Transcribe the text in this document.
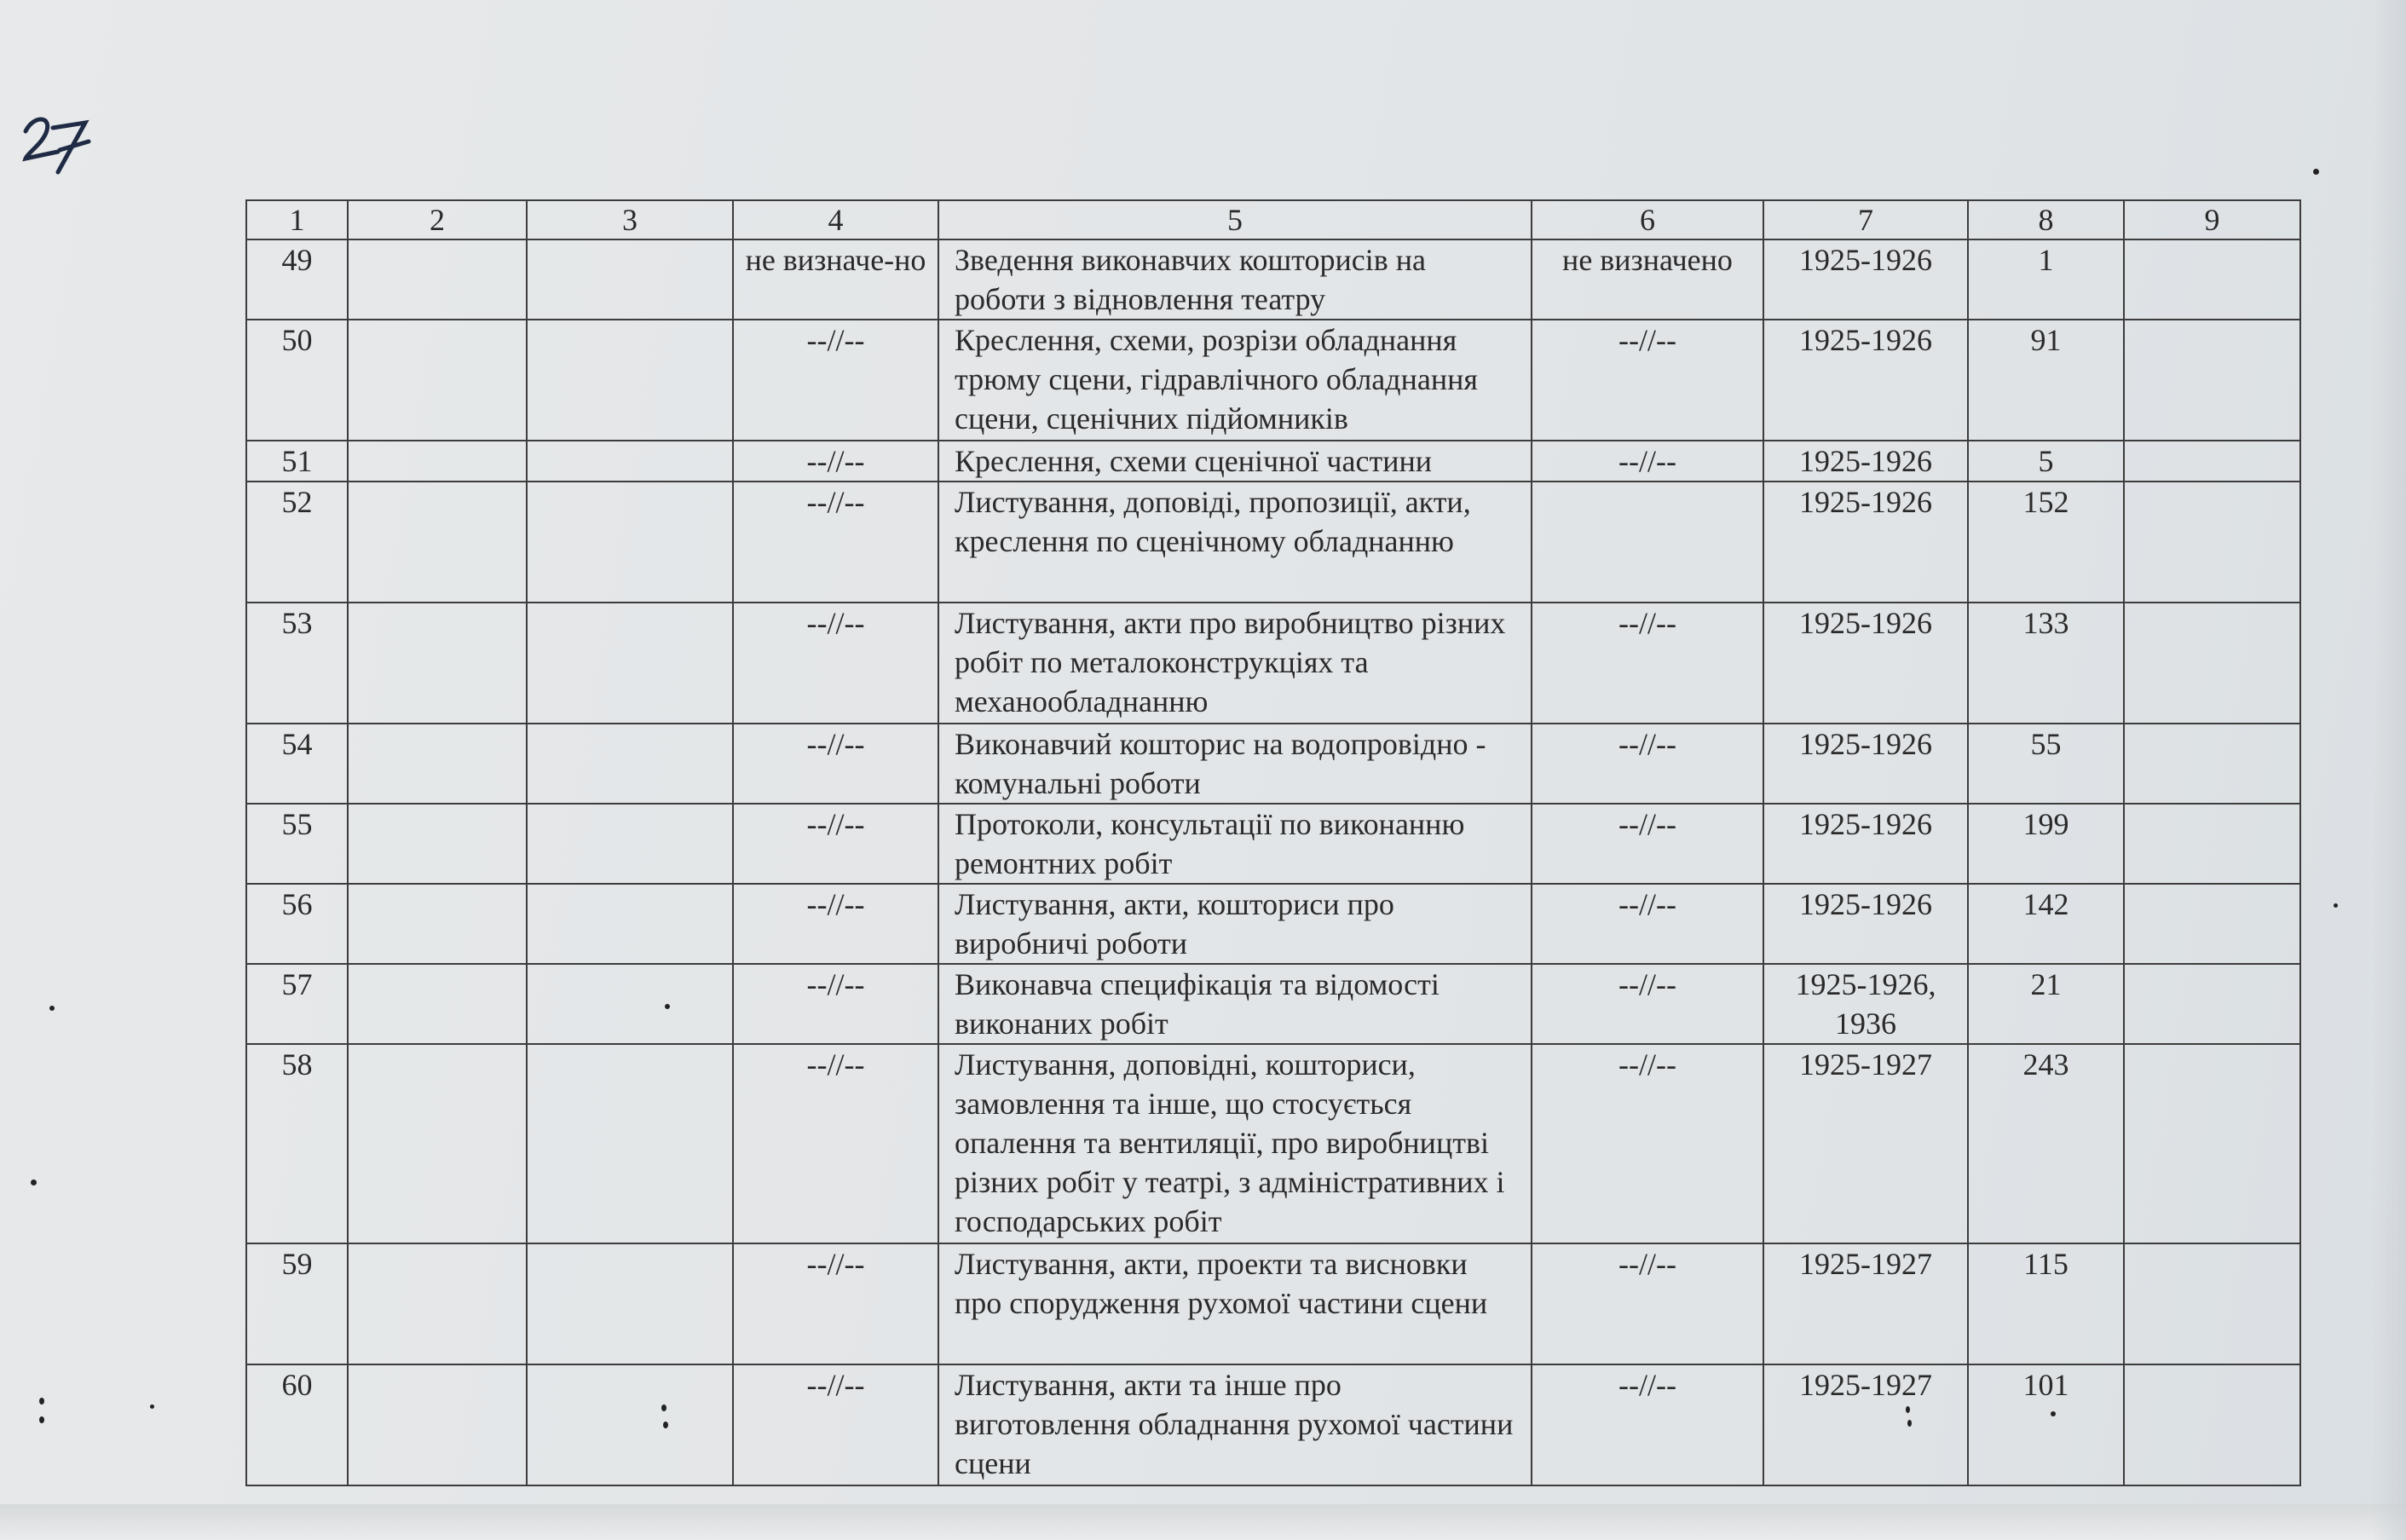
1	2	3	4	5	6	7	8	9
49			не визначе-но	Зведення виконавчих кошторисів на роботи з відновлення театру	не визначено	1925-1926	1	
50			--//--	Креслення, схеми, розрізи обладнання трюму сцени, гідравлічного обладнання сцени, сценічних підйомників	--//--	1925-1926	91	
51			--//--	Креслення, схеми сценічної частини	--//--	1925-1926	5	
52			--//--	Листування, доповіді, пропозиції, акти, креслення по сценічному обладнанню		1925-1926	152	
53			--//--	Листування, акти про виробництво різних робіт по металоконструкціях та механообладнанню	--//--	1925-1926	133	
54			--//--	Виконавчий кошторис на водопровідно - комунальні роботи	--//--	1925-1926	55	
55			--//--	Протоколи, консультації по виконанню ремонтних робіт	--//--	1925-1926	199	
56			--//--	Листування, акти, кошториси про виробничі роботи	--//--	1925-1926	142	
57			--//--	Виконавча специфікація та відомості виконаних робіт	--//--	1925-1926, 1936	21	
58			--//--	Листування, доповідні, кошториси, замовлення та інше, що стосується опалення та вентиляції, про виробництві різних робіт у театрі, з адміністративних і господарських робіт	--//--	1925-1927	243	
59			--//--	Листування, акти, проекти та висновки про спорудження рухомої частини сцени	--//--	1925-1927	115	
60			--//--	Листування, акти та інше про виготовлення обладнання рухомої частини сцени	--//--	1925-1927	101	
